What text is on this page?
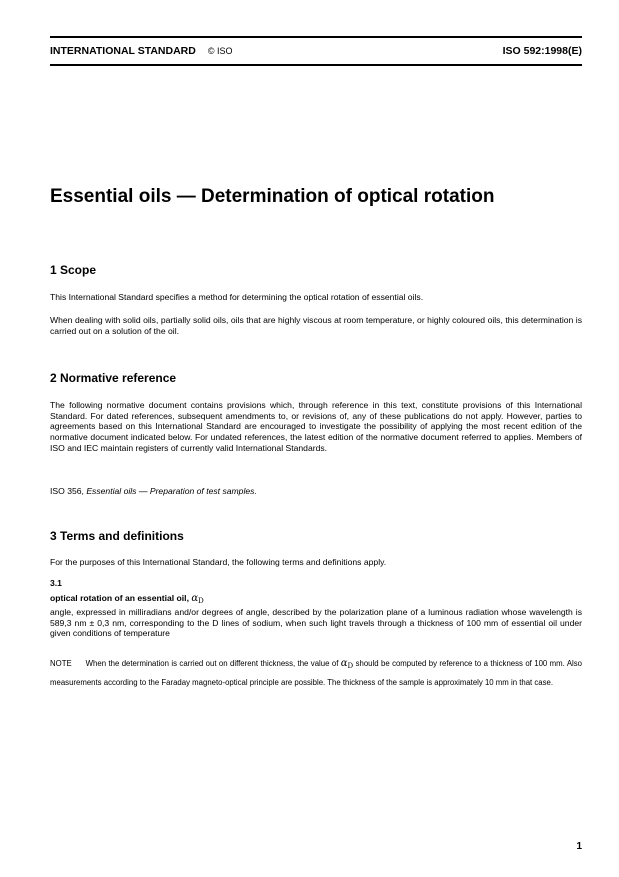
INTERNATIONAL STANDARD © ISO	ISO 592:1998(E)
Essential oils — Determination of optical rotation
1 Scope

This International Standard specifies a method for determining the optical rotation of essential oils.

When dealing with solid oils, partially solid oils, oils that are highly viscous at room temperature, or highly coloured oils, this determination is carried out on a solution of the oil.

2 Normative reference

The following normative document contains provisions which, through reference in this text, constitute provisions of this International Standard. For dated references, subsequent amendments to, or revisions of, any of these publications do not apply. However, parties to agreements based on this International Standard are encouraged to investigate the possibility of applying the most recent edition of the normative document indicated below. For undated references, the latest edition of the normative document referred to applies. Members of ISO and IEC maintain registers of currently valid International Standards.

ISO 356, Essential oils — Preparation of test samples.

3 Terms and definitions

For the purposes of this International Standard, the following terms and definitions apply.

3.1
optical rotation of an essential oil, $\alpha_D$

angle, expressed in milliradians and/or degrees of angle, described by the polarization plane of a luminous radiation whose wavelength is 589,3 nm ± 0,3 nm, corresponding to the D lines of sodium, when such light travels through a thickness of 100 mm of essential oil under given conditions of temperature

NOTE When the determination is carried out on different thickness, the value of $\alpha_D$ should be computed by reference to a thickness of 100 mm. Also measurements according to the Faraday magneto-optical principle are possible. The thickness of the sample is approximately 10 mm in that case.

1
